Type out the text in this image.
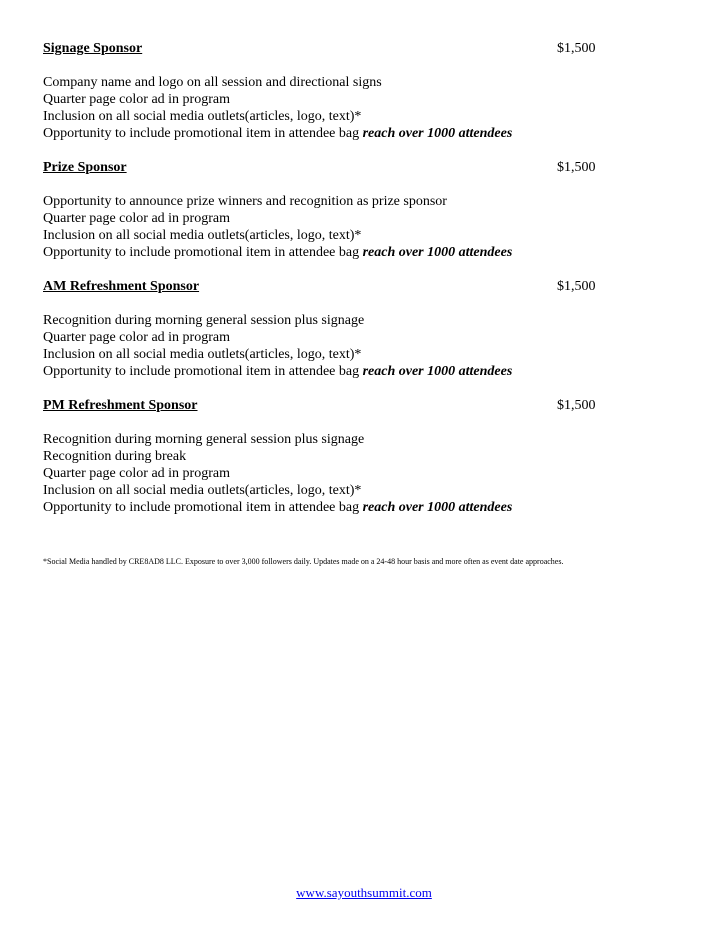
Signage Sponsor	$1,500
Company name and logo on all session and directional signs
Quarter page color ad in program
Inclusion on all social media outlets(articles, logo, text)*
Opportunity to include promotional item in attendee bag reach over 1000 attendees
Prize Sponsor	$1,500
Opportunity to announce prize winners and recognition as prize sponsor
Quarter page color ad in program
Inclusion on all social media outlets(articles, logo, text)*
Opportunity to include promotional item in attendee bag reach over 1000 attendees
AM Refreshment Sponsor	$1,500
Recognition during morning general session plus signage
Quarter page color ad in program
Inclusion on all social media outlets(articles, logo, text)*
Opportunity to include promotional item in attendee bag reach over 1000 attendees
PM Refreshment Sponsor	$1,500
Recognition during morning general session plus signage
Recognition during break
Quarter page color ad in program
Inclusion on all social media outlets(articles, logo, text)*
Opportunity to include promotional item in attendee bag reach over 1000 attendees
*Social Media handled by CRE8AD8 LLC. Exposure to over 3,000 followers daily. Updates made on a 24-48 hour basis and more often as event date approaches.
www.sayouthsummit.com
